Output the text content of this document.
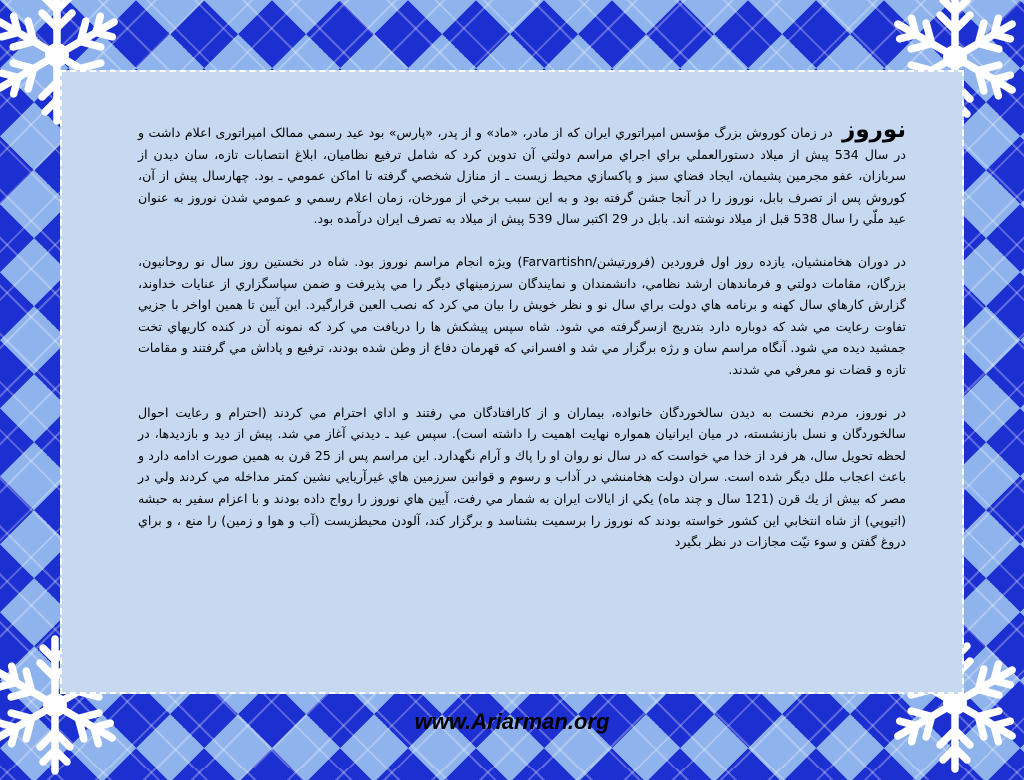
نوروز در زمان كوروش بزرگ مؤسس امپراتوري ايران كه از مادر، «ماد» و از پدر، «پارس» بود عيد رسمي ممالک امپراتوری اعلام داشت و در سال 534 پيش از ميلاد دستورالعملي براي اجراي مراسم دولتي آن تدوين كرد كه شامل ترفيع نظاميان، ابلاغ انتصابات تازه، سان ديدن از سربازان، عفو مجرمين پشيمان، ايجاد فضاي سبز و پاكسازي محيط زيست ـ از منازل شخصي گرفته تا اماكن عمومي ـ بود. چهارسال پيش از آن، كوروش پس از تصرف بابل، نوروز را در آنجا جشن گرفته بود و به اين سبب برخي از مورخان، زمان اعلام رسمي و عمومي شدن نوروز به عنوان عيد ملّي را سال 538 قبل از ميلاد نوشته اند. بابل در 29 اكتبر سال 539 پيش از ميلاد به تصرف ايران درآمده بود.

در دوران هخامنشيان، يازده روز اول فروردين (فرورتيشن/Farvartishn) ويژه انجام مراسم نوروز بود. شاه در نخستين روز سال نو روحانيون، بزرگان، مقامات دولتي و فرماندهان ارشد نظامي، دانشمندان و نمايندگان سرزمينهاي ديگر را مي پذيرفت و ضمن سپاسگزاري از عنايات خداوند، گزارش كارهاي سال كهنه و برنامه هاي دولت براي سال نو و نظر خويش را بيان مي كرد كه نصب العين قرارگيرد. اين آيين تا همين اواخر با جزيي تفاوت رعايت مي شد كه دوباره دارد بتدريج ازسرگرفته مي شود. شاه سپس پيشكش ها را دريافت مي كرد كه نمونه آن در كنده كاريهاي تخت جمشيد ديده مي شود. آنگاه مراسم سان و رژه برگزار مي شد و افسراني كه قهرمان دفاع از وطن شده بودند، ترفيع و پاداش مي گرفتند و مقامات تازه و قضات نو معرفي مي شدند.

در نوروز، مردم نخست به ديدن سالخوردگان خانواده، بيماران و از كارافتادگان مي رفتند و اداي احترام مي كردند (احترام و رعايت احوال سالخوردگان و نسل بازنشسته، در ميان ايرانيان همواره نهايت اهميت را داشته است). سپس عيد ـ ديدني آغاز مي شد. پيش از ديد و بازديدها، در لحظه تحويل سال، هر فرد از خدا مي خواست كه در سال نو روان او را پاك و آرام نگهدارد. اين مراسم پس از 25 قرن به همين صورت ادامه دارد و باعث اعجاب ملل ديگر شده است. سران دولت هخامنشي در آداب و رسوم و قوانين سرزمين هاي غيرآريايي نشين كمتر مداخله مي كردند ولي در مصر كه بيش از يك قرن (121 سال و چند ماه) يكي از ايالات ايران به شمار مي رفت، آيين هاي نوروز را رواج داده بودند و با اعزام سفير به حبشه (اتيوپي) از شاه انتخابي اين كشور خواسته بودند كه نوروز را برسميت بشناسد و برگزار كند، آلودن محيطزيست (آب و هوا و زمين) را منع ، و براي دروغ گفتن و سوء نيّت مجازات در نظر بگيرد

www.Ariarman.org
